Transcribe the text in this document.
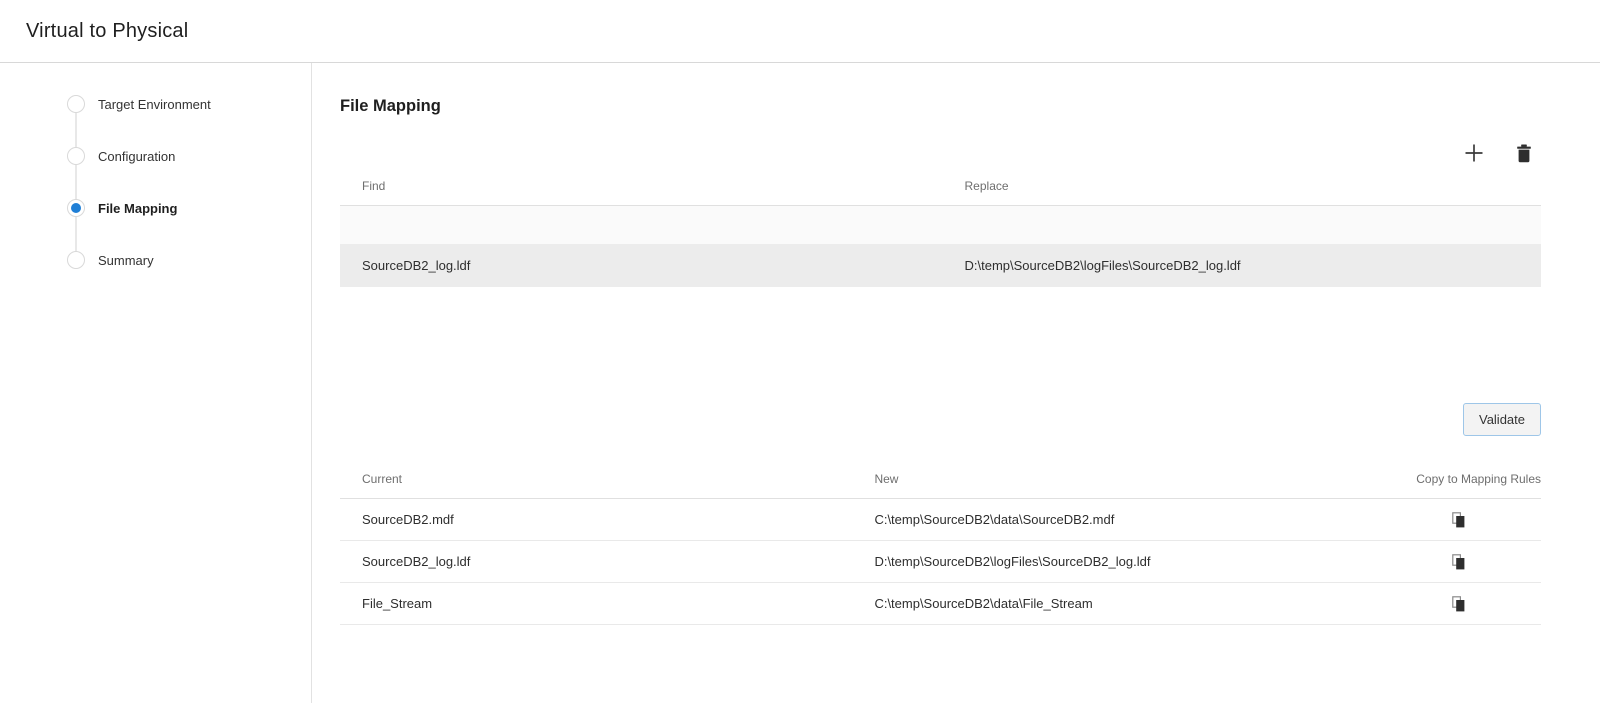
Virtual to Physical
Target Environment
Configuration
File Mapping
Summary
File Mapping
Find	Replace
SourceDB2_log.ldf	D:\temp\SourceDB2\logFiles\SourceDB2_log.ldf
Validate
Current	New	Copy to Mapping Rules
SourceDB2.mdf	C:\temp\SourceDB2\data\SourceDB2.mdf
SourceDB2_log.ldf	D:\temp\SourceDB2\logFiles\SourceDB2_log.ldf
File_Stream	C:\temp\SourceDB2\data\File_Stream
